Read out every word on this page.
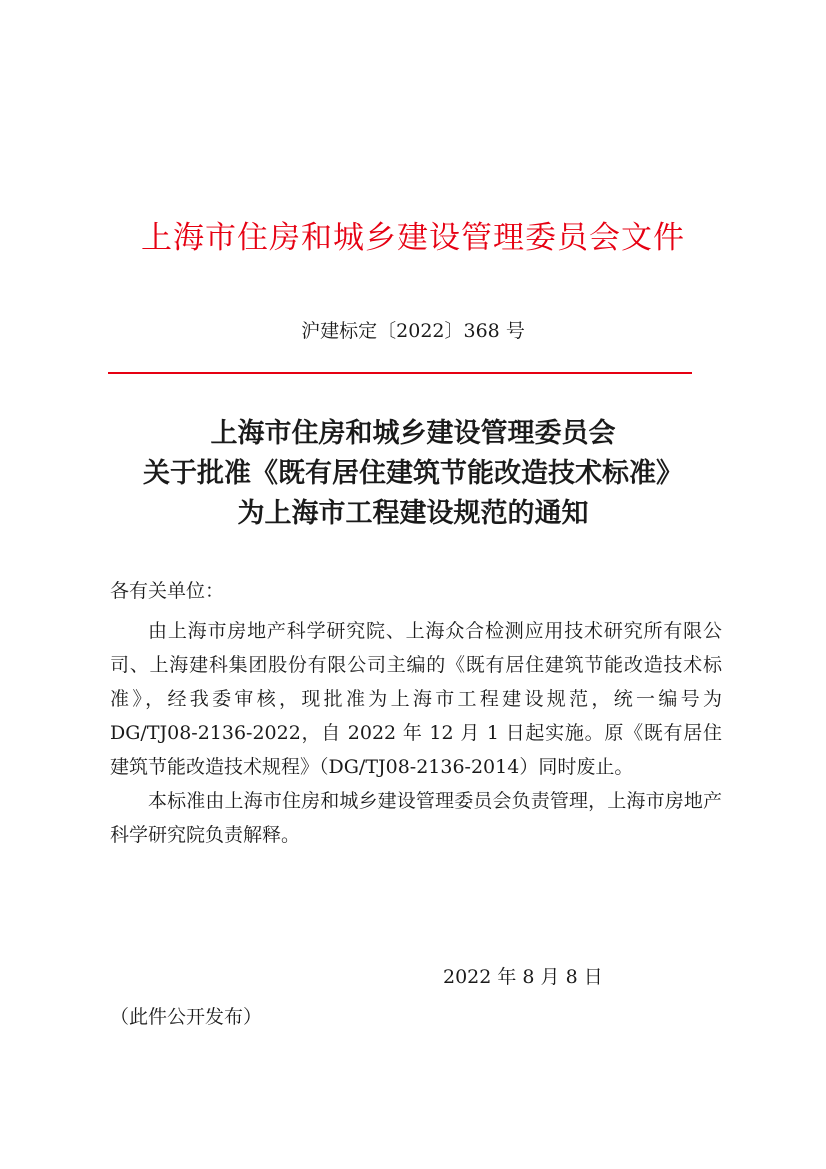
上海市住房和城乡建设管理委员会文件
沪建标定〔2022〕368 号
上海市住房和城乡建设管理委员会
关于批准《既有居住建筑节能改造技术标准》
为上海市工程建设规范的通知

各有关单位：

由上海市房地产科学研究院、上海众合检测应用技术研究所有限公司、上海建科集团股份有限公司主编的《既有居住建筑节能改造技术标准》，经我委审核，现批准为上海市工程建设规范，统一编号为 DG/TJ08-2136-2022，自 2022 年 12 月 1 日起实施。原《既有居住建筑节能改造技术规程》（DG/TJ08-2136-2014）同时废止。

本标准由上海市住房和城乡建设管理委员会负责管理，上海市房地产科学研究院负责解释。

2022 年 8 月 8 日
（此件公开发布）
